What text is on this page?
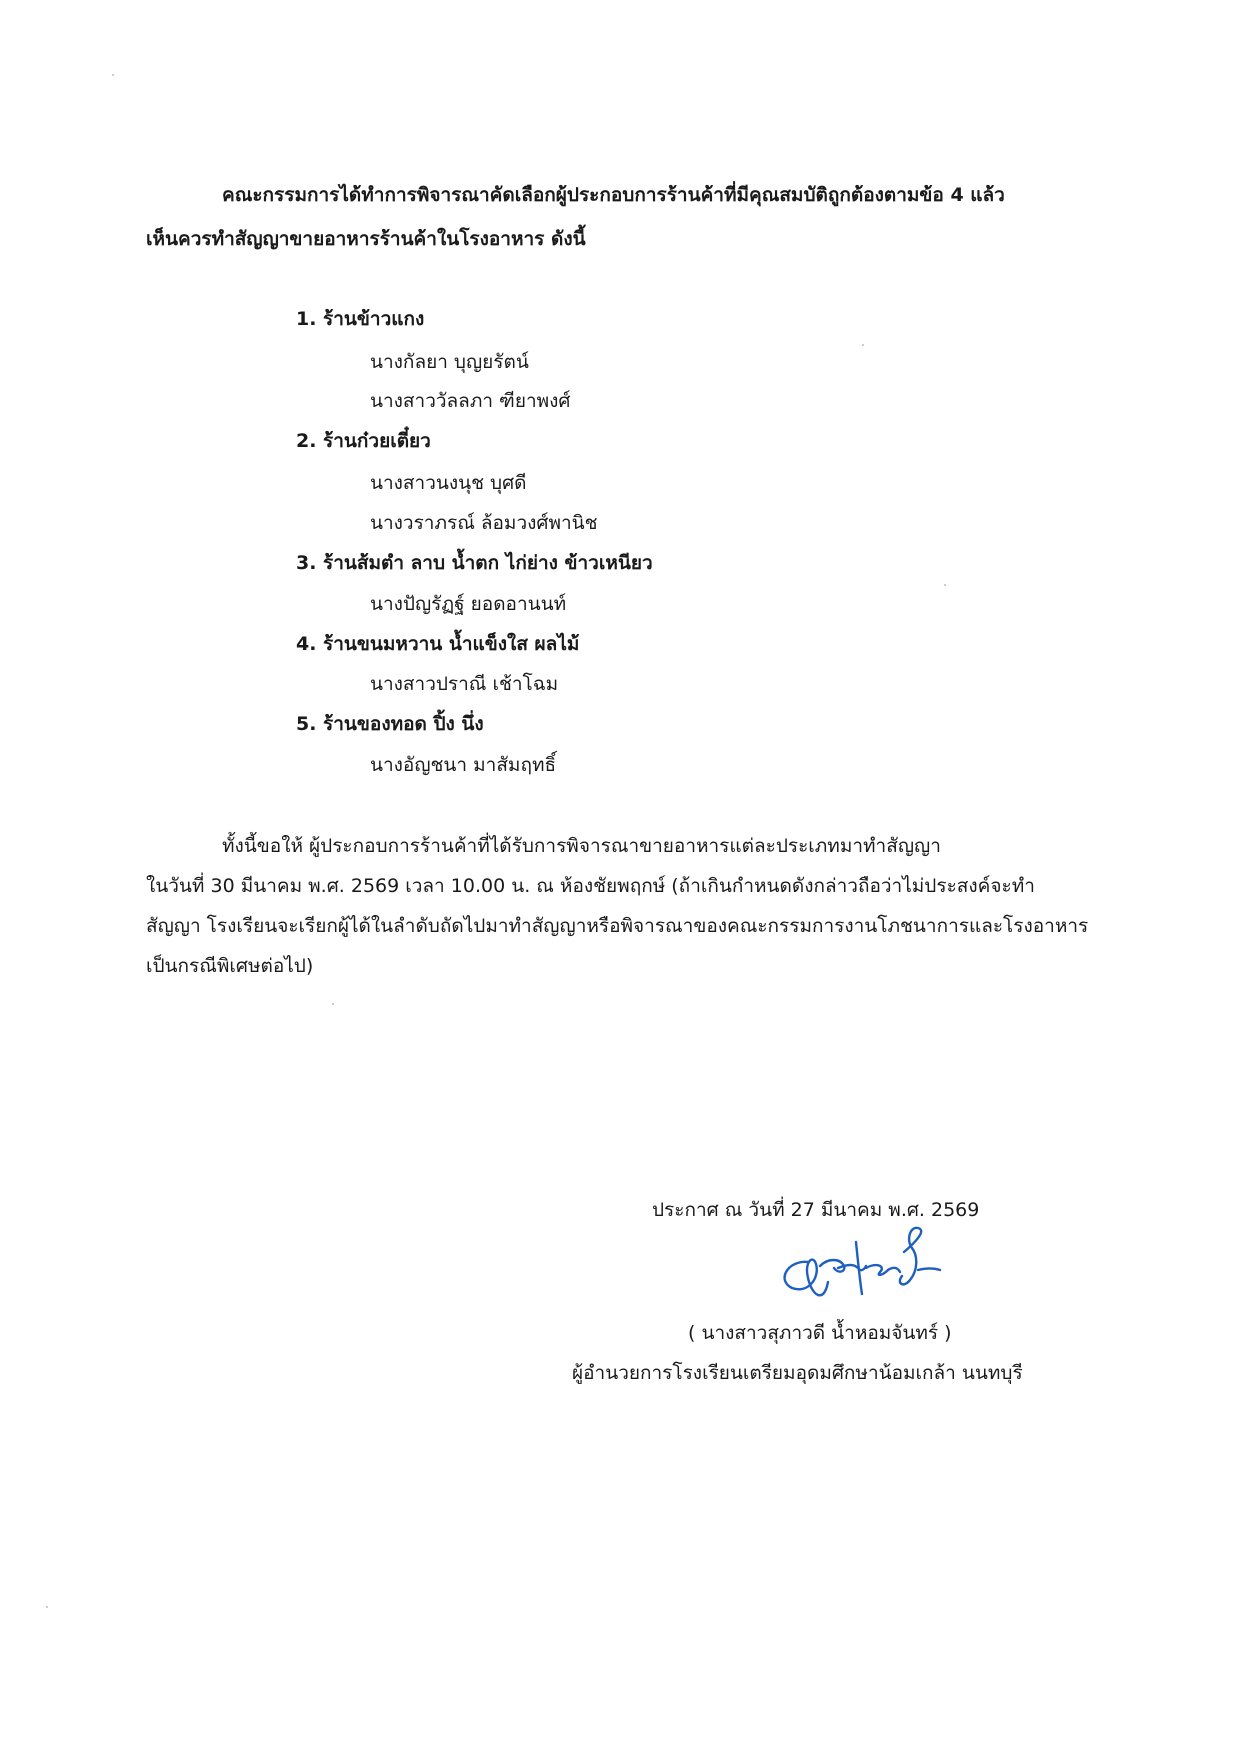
คณะกรรมการได้ทำการพิจารณาคัดเลือกผู้ประกอบการร้านค้าที่มีคุณสมบัติถูกต้องตามข้อ 4 แล้ว
เห็นควรทำสัญญาขายอาหารร้านค้าในโรงอาหาร ดังนี้
1. ร้านข้าวแกง
นางกัลยา บุญยรัตน์
นางสาววัลลภา ฑียาพงศ์
2. ร้านก๋วยเตี๋ยว
นางสาวนงนุช บุศดี
นางวราภรณ์ ล้อมวงศ์พานิช
3. ร้านส้มตำ ลาบ น้ำตก ไก่ย่าง ข้าวเหนียว
นางปัญรัฏฐ์ ยอดอานนท์
4. ร้านขนมหวาน น้ำแข็งใส ผลไม้
นางสาวปราณี เช้าโฉม
5. ร้านของทอด ปิ้ง นึ่ง
นางอัญชนา มาสัมฤทธิ์
ทั้งนี้ขอให้ ผู้ประกอบการร้านค้าที่ได้รับการพิจารณาขายอาหารแต่ละประเภทมาทำสัญญา
ในวันที่ 30 มีนาคม พ.ศ. 2569 เวลา 10.00 น. ณ ห้องชัยพฤกษ์ (ถ้าเกินกำหนดดังกล่าวถือว่าไม่ประสงค์จะทำ
สัญญา โรงเรียนจะเรียกผู้ได้ในลำดับถัดไปมาทำสัญญาหรือพิจารณาของคณะกรรมการงานโภชนาการและโรงอาหาร
เป็นกรณีพิเศษต่อไป)
ประกาศ ณ วันที่ 27 มีนาคม พ.ศ. 2569
( นางสาวสุภาวดี น้ำหอมจันทร์ )
ผู้อำนวยการโรงเรียนเตรียมอุดมศึกษาน้อมเกล้า นนทบุรี
